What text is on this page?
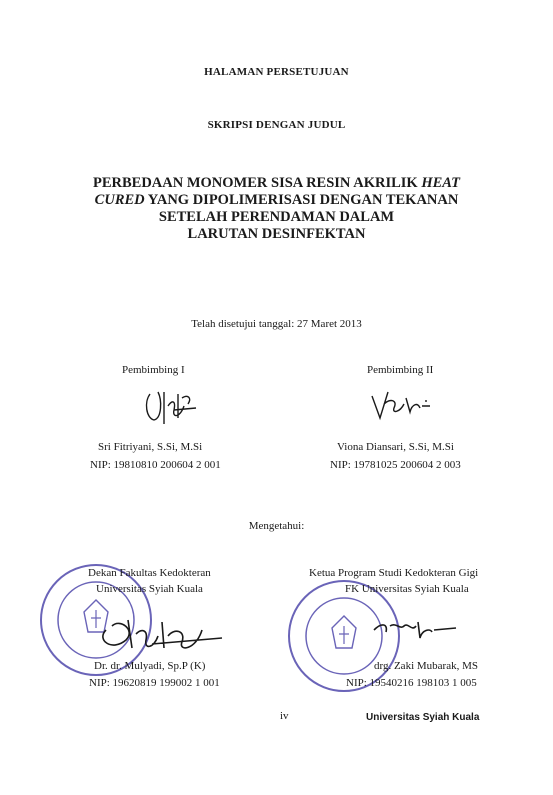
HALAMAN PERSETUJUAN
SKRIPSI DENGAN JUDUL
PERBEDAAN MONOMER SISA RESIN AKRILIK HEAT
CURED YANG DIPOLIMERISASI DENGAN TEKANAN
SETELAH PERENDAMAN DALAM
LARUTAN DESINFEKTAN
Telah disetujui tanggal: 27 Maret 2013
Pembimbing I
Sri Fitriyani, S.Si, M.Si
NIP: 19810810 200604 2 001
Pembimbing II
Viona Diansari, S.Si, M.Si
NIP: 19781025 200604 2 003
Mengetahui:
Dekan Fakultas Kedokteran
Universitas Syiah Kuala
Dr. dr. Mulyadi, Sp.P (K)
NIP: 19620819 199002 1 001
Ketua Program Studi Kedokteran Gigi
FK Universitas Syiah Kuala
drg. Zaki Mubarak, MS
NIP: 19540216 198103 1 005
iv	Universitas Syiah Kuala
